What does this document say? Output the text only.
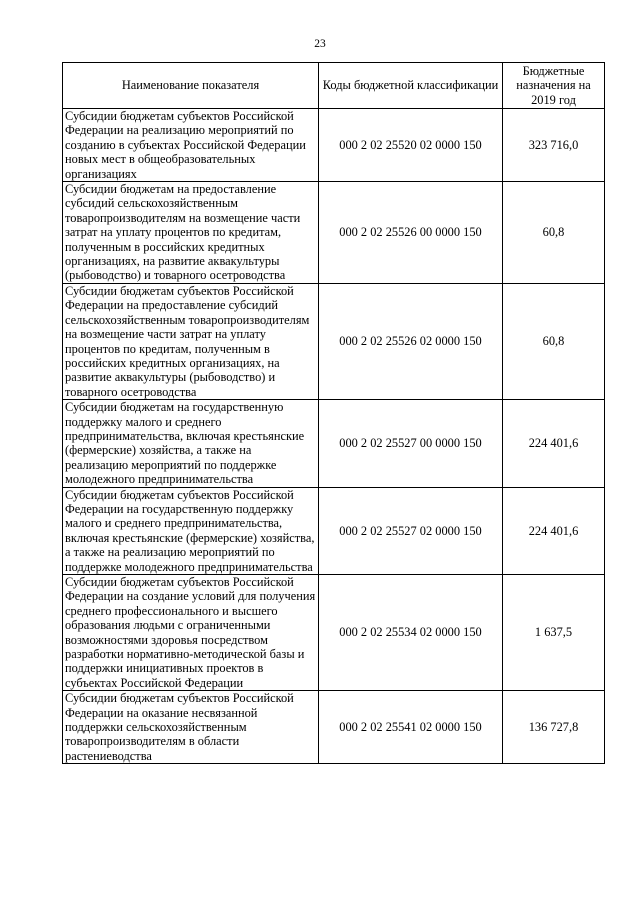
23
Наименование показателя	Коды бюджетной классификации	Бюджетные назначения на 2019 год
Субсидии бюджетам субъектов Российской Федерации на реализацию мероприятий по созданию в субъектах Российской Федерации новых мест в общеобразовательных организациях	000 2 02 25520 02 0000 150	323 716,0
Субсидии бюджетам на предоставление субсидий сельскохозяйственным товаропроизводителям на возмещение части затрат на уплату процентов по кредитам, полученным в российских кредитных организациях, на развитие аквакультуры (рыбоводство) и товарного осетроводства	000 2 02 25526 00 0000 150	60,8
Субсидии бюджетам субъектов Российской Федерации на предоставление субсидий сельскохозяйственным товаропроизводителям на возмещение части затрат на уплату процентов по кредитам, полученным в российских кредитных организациях, на развитие аквакультуры (рыбоводство) и товарного осетроводства	000 2 02 25526 02 0000 150	60,8
Субсидии бюджетам на государственную поддержку малого и среднего предпринимательства, включая крестьянские (фермерские) хозяйства, а также на реализацию мероприятий по поддержке молодежного предпринимательства	000 2 02 25527 00 0000 150	224 401,6
Субсидии бюджетам субъектов Российской Федерации на государственную поддержку малого и среднего предпринимательства, включая крестьянские (фермерские) хозяйства, а также на реализацию мероприятий по поддержке молодежного предпринимательства	000 2 02 25527 02 0000 150	224 401,6
Субсидии бюджетам субъектов Российской Федерации на создание условий для получения среднего профессионального и высшего образования людьми с ограниченными возможностями здоровья посредством разработки нормативно-методической базы и поддержки инициативных проектов в субъектах Российской Федерации	000 2 02 25534 02 0000 150	1 637,5
Субсидии бюджетам субъектов Российской Федерации на оказание несвязанной поддержки сельскохозяйственным товаропроизводителям в области растениеводства	000 2 02 25541 02 0000 150	136 727,8
